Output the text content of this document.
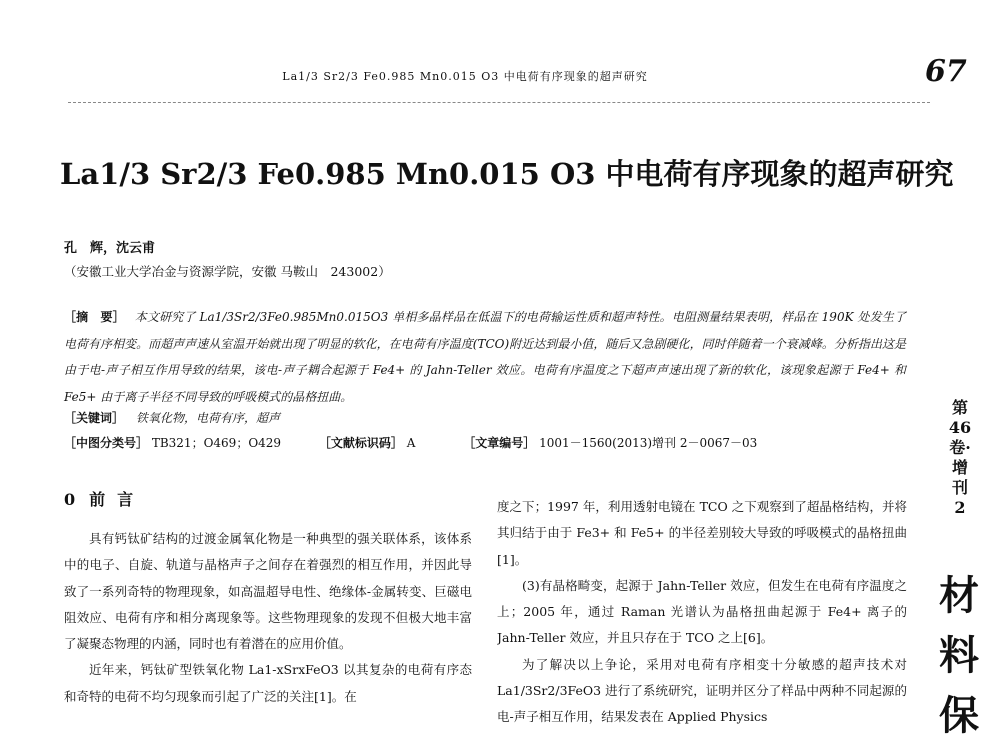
La1/3 Sr2/3 Fe0.985 Mn0.015 O3 中电荷有序现象的超声研究	67
La1/3 Sr2/3 Fe0.985 Mn0.015 O3 中电荷有序现象的超声研究
孔　辉，沈云甫
（安徽工业大学冶金与资源学院，安徽 马鞍山　243002）
［摘　要］ 本文研究了 La1/3Sr2/3Fe0.985Mn0.015O3 单相多晶样品在低温下的电荷输运性质和超声特性。电阻测量结果表明，样品在 190K 处发生了电荷有序相变。而超声声速从室温开始就出现了明显的软化，在电荷有序温度(TCO)附近达到最小值，随后又急剧硬化，同时伴随着一个衰减峰。分析指出这是由于电-声子相互作用导致的结果，该电-声子耦合起源于 Fe4+ 的 Jahn-Teller 效应。电荷有序温度之下超声声速出现了新的软化，该现象起源于 Fe4+ 和 Fe5+ 由于离子半径不同导致的呼吸模式的晶格扭曲。
［关键词］ 铁氧化物，电荷有序，超声
［中图分类号］ TB321；O469；O429	［文献标识码］ A	［文章编号］ 1001－1560(2013)增刊 2－0067－03
0 前言

具有钙钛矿结构的过渡金属氧化物是一种典型的强关联体系，该体系中的电子、自旋、轨道与晶格声子之间存在着强烈的相互作用，并因此导致了一系列奇特的物理现象，如高温超导电性、绝缘体-金属转变、巨磁电阻效应、电荷有序和相分离现象等。这些物理现象的发现不但极大地丰富了凝聚态物理的内涵，同时也有着潜在的应用价值。

近年来，钙钛矿型铁氧化物 La1-xSrxFeO3 以其复杂的电荷有序态和奇特的电荷不均匀现象而引起了广泛的关注[1]。在

度之下；1997 年，利用透射电镜在 TCO 之下观察到了超晶格结构，并将其归结于由于 Fe3+ 和 Fe5+ 的半径差别较大导致的呼吸模式的晶格扭曲[1]。

(3)有晶格畸变，起源于 Jahn-Teller 效应，但发生在电荷有序温度之上；2005 年，通过 Raman 光谱认为晶格扭曲起源于 Fe4+ 离子的 Jahn-Teller 效应，并且只存在于 TCO 之上[6]。

为了解决以上争论，采用对电荷有序相变十分敏感的超声技术对 La1/3Sr2/3FeO3 进行了系统研究，证明并区分了样品中两种不同起源的电-声子相互作用，结果发表在 Applied Physics

第46卷·增刊2
材料保
